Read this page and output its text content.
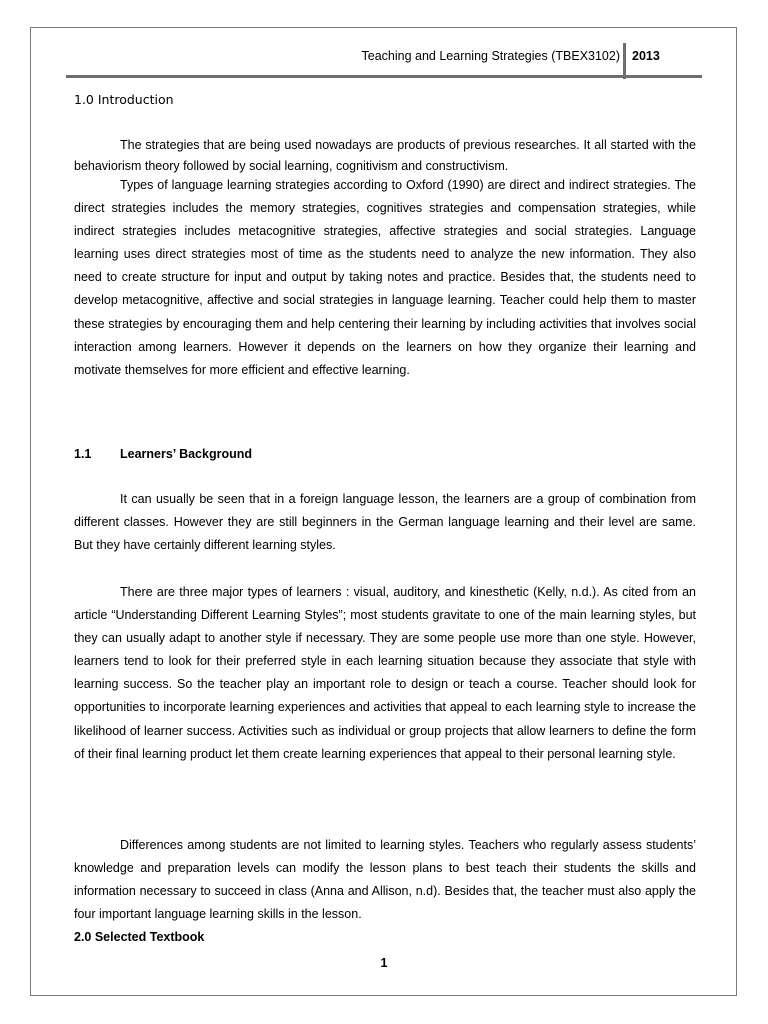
Teaching and Learning Strategies (TBEX3102) 2013
1.0 Introduction

The strategies that are being used nowadays are products of previous researches. It all started with the behaviorism theory followed by social learning, cognitivism and constructivism.

Types of language learning strategies according to Oxford (1990) are direct and indirect strategies. The direct strategies includes the memory strategies, cognitives strategies and compensation strategies, while indirect strategies includes metacognitive strategies, affective strategies and social strategies. Language learning uses direct strategies most of time as the students need to analyze the new information. They also need to create structure for input and output by taking notes and practice. Besides that, the students need to develop metacognitive, affective and social strategies in language learning. Teacher could help them to master these strategies by encouraging them and help centering their learning by including activities that involves social interaction among learners. However it depends on the learners on how they organize their learning and motivate themselves for more efficient and effective learning.

1.1 Learners’ Background

It can usually be seen that in a foreign language lesson, the learners are a group of combination from different classes. However they are still beginners in the German language learning and their level are same. But they have certainly different learning styles.

There are three major types of learners : visual, auditory, and kinesthetic (Kelly, n.d.). As cited from an article “Understanding Different Learning Styles”; most students gravitate to one of the main learning styles, but they can usually adapt to another style if necessary. They are some people use more than one style. However, learners tend to look for their preferred style in each learning situation because they associate that style with learning success. So the teacher play an important role to design or teach a course. Teacher should look for opportunities to incorporate learning experiences and activities that appeal to each learning style to increase the likelihood of learner success. Activities such as individual or group projects that allow learners to define the form of their final learning product let them create learning experiences that appeal to their personal learning style.

Differences among students are not limited to learning styles. Teachers who regularly assess students’ knowledge and preparation levels can modify the lesson plans to best teach their students the skills and information necessary to succeed in class (Anna and Allison, n.d). Besides that, the teacher must also apply the four important language learning skills in the lesson.

2.0 Selected Textbook
1
